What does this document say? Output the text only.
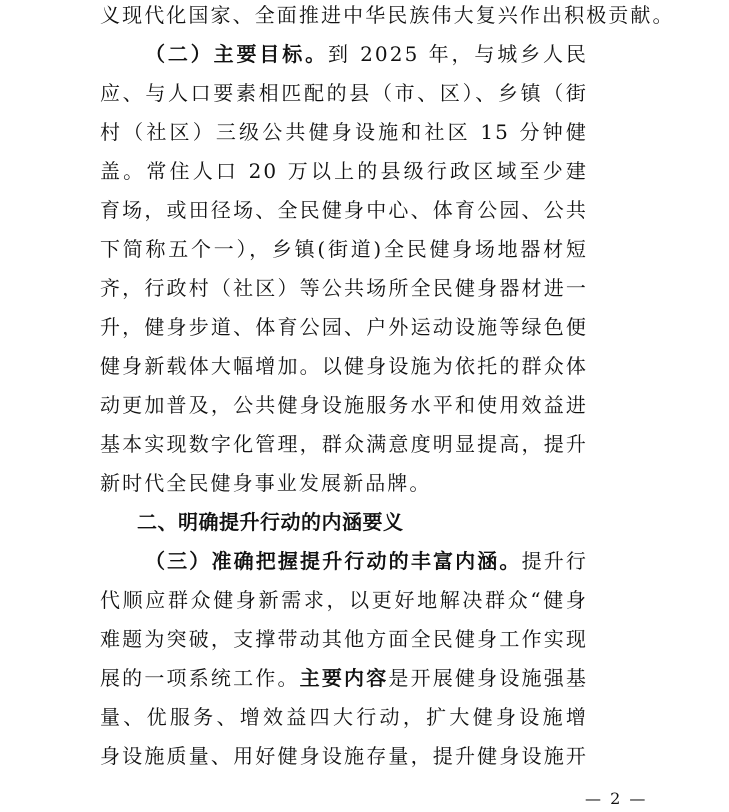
义现代化国家、全面推进中华民族伟大复兴作出积极贡献。
（二）主要目标。到 2025 年，与城乡人民
应、与人口要素相匹配的县（市、区）、乡镇（街
村（社区）三级公共健身设施和社区 15 分钟健
盖。常住人口 20 万以上的县级行政区域至少建
育场，或田径场、全民健身中心、体育公园、公共
下简称五个一），乡镇(街道)全民健身场地器材短
齐，行政村（社区）等公共场所全民健身器材进一
升，健身步道、体育公园、户外运动设施等绿色便
健身新载体大幅增加。以健身设施为依托的群众体
动更加普及，公共健身设施服务水平和使用效益进
基本实现数字化管理，群众满意度明显提高，提升
新时代全民健身事业发展新品牌。
二、明确提升行动的内涵要义
（三）准确把握提升行动的丰富内涵。提升行
代顺应群众健身新需求，以更好地解决群众“健身
难题为突破，支撑带动其他方面全民健身工作实现
展的一项系统工作。主要内容是开展健身设施强基
量、优服务、增效益四大行动，扩大健身设施增
身设施质量、用好健身设施存量，提升健身设施开
— 2 —
